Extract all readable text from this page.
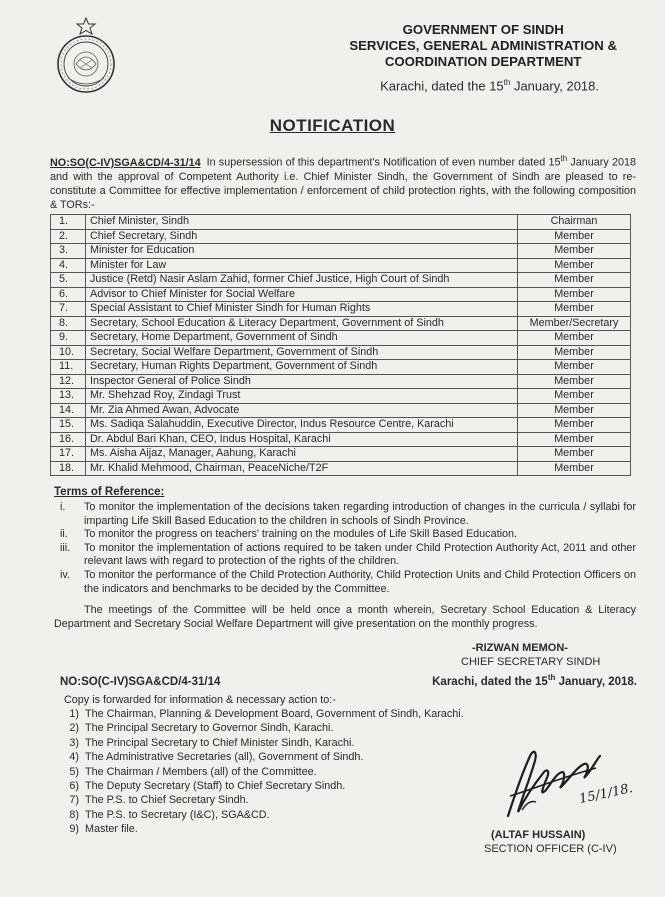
GOVERNMENT OF SINDH
SERVICES, GENERAL ADMINISTRATION &
COORDINATION DEPARTMENT
Karachi, dated the 15th January, 2018.
NOTIFICATION
NO:SO(C-IV)SGA&CD/4-31/14 In supersession of this department's Notification of even number dated 15th January 2018 and with the approval of Competent Authority i.e. Chief Minister Sindh, the Government of Sindh are pleased to re-constitute a Committee for effective implementation / enforcement of child protection rights, with the following composition & TORs:-
1.	Chief Minister, Sindh	Chairman
2.	Chief Secretary, Sindh	Member
3.	Minister for Education	Member
4.	Minister for Law	Member
5.	Justice (Retd) Nasir Aslam Zahid, former Chief Justice, High Court of Sindh	Member
6.	Advisor to Chief Minister for Social Welfare	Member
7.	Special Assistant to Chief Minister Sindh for Human Rights	Member
8.	Secretary, School Education & Literacy Department, Government of Sindh	Member/Secretary
9.	Secretary, Home Department, Government of Sindh	Member
10.	Secretary, Social Welfare Department, Government of Sindh	Member
11.	Secretary, Human Rights Department, Government of Sindh	Member
12.	Inspector General of Police Sindh	Member
13.	Mr. Shehzad Roy, Zindagi Trust	Member
14.	Mr. Zia Ahmed Awan, Advocate	Member
15.	Ms. Sadiqa Salahuddin, Executive Director, Indus Resource Centre, Karachi	Member
16.	Dr. Abdul Bari Khan, CEO, Indus Hospital, Karachi	Member
17.	Ms. Aisha Aijaz, Manager, Aahung, Karachi	Member
18.	Mr. Khalid Mehmood, Chairman, PeaceNiche/T2F	Member
Terms of Reference:
i.	To monitor the implementation of the decisions taken regarding introduction of changes in the curricula / syllabi for imparting Life Skill Based Education to the children in schools of Sindh Province.
ii.	To monitor the progress on teachers' training on the modules of Life Skill Based Education.
iii.	To monitor the implementation of actions required to be taken under Child Protection Authority Act, 2011 and other relevant laws with regard to protection of the rights of the children.
iv.	To monitor the performance of the Child Protection Authority, Child Protection Units and Child Protection Officers on the indicators and benchmarks to be decided by the Committee.
The meetings of the Committee will be held once a month wherein, Secretary School Education & Literacy Department and Secretary Social Welfare Department will give presentation on the monthly progress.
-RIZWAN MEMON-
CHIEF SECRETARY SINDH
NO:SO(C-IV)SGA&CD/4-31/14	Karachi, dated the 15th January, 2018.
Copy is forwarded for information & necessary action to:-
1) The Chairman, Planning & Development Board, Government of Sindh, Karachi.
2) The Principal Secretary to Governor Sindh, Karachi.
3) The Principal Secretary to Chief Minister Sindh, Karachi.
4) The Administrative Secretaries (all), Government of Sindh.
5) The Chairman / Members (all) of the Committee.
6) The Deputy Secretary (Staff) to Chief Secretary Sindh.
7) The P.S. to Chief Secretary Sindh.
8) The P.S. to Secretary (I&C), SGA&CD.
9) Master file.
15/1/18.
(ALTAF HUSSAIN)
SECTION OFFICER (C-IV)
